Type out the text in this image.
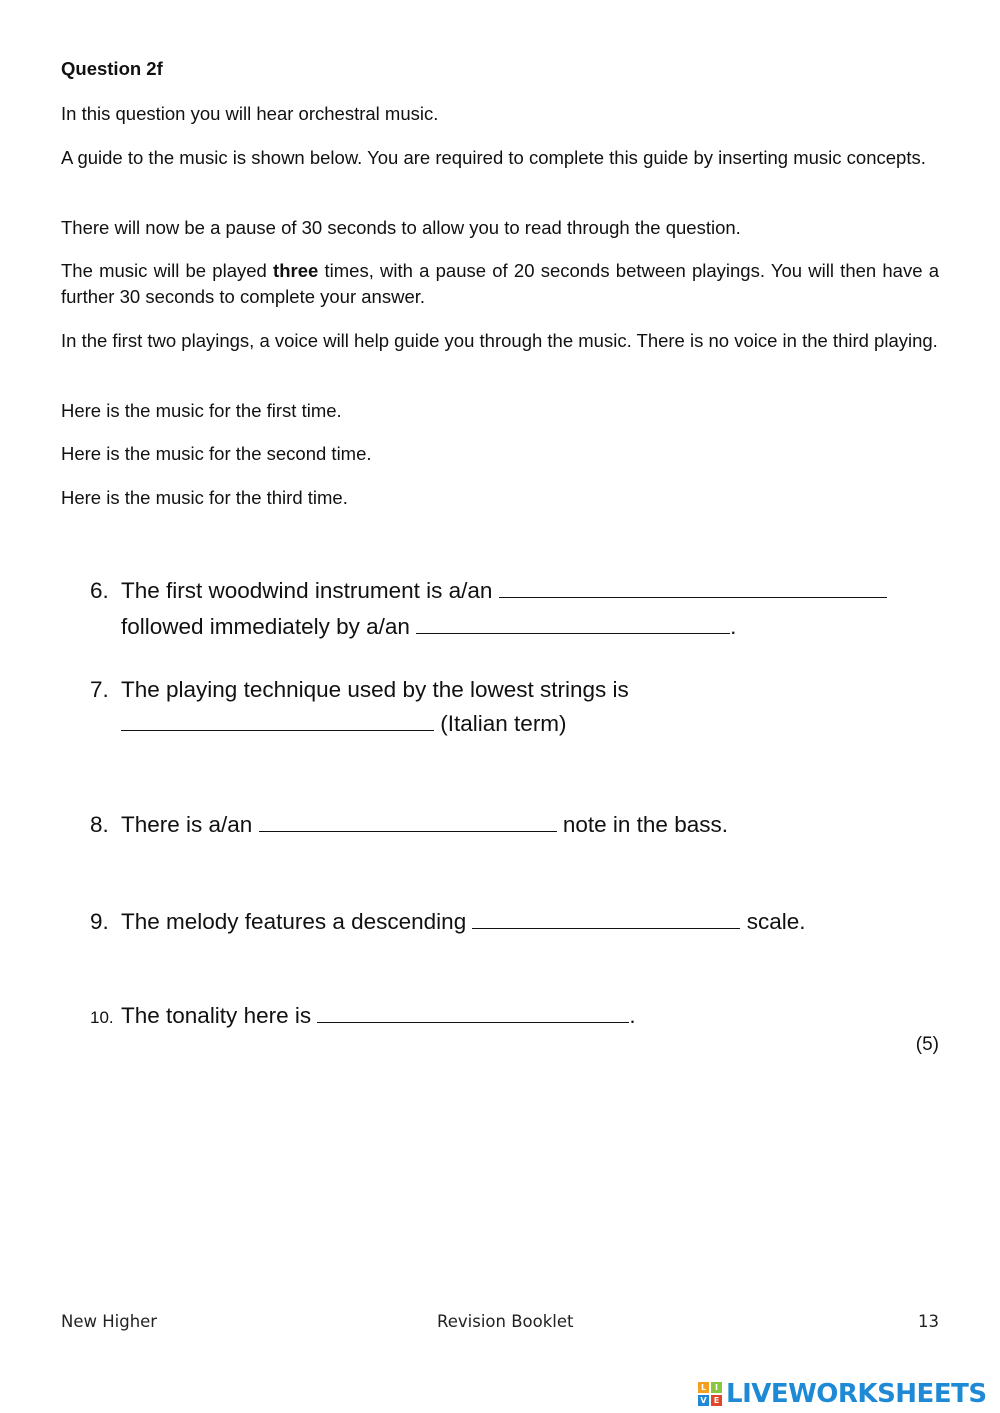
Question 2f
In this question you will hear orchestral music.
A guide to the music is shown below. You are required to complete this guide by inserting music concepts.
There will now be a pause of 30 seconds to allow you to read through the question.
The music will be played three times, with a pause of 20 seconds between playings. You will then have a further 30 seconds to complete your answer.
In the first two playings, a voice will help guide you through the music. There is no voice in the third playing.
Here is the music for the first time.
Here is the music for the second time.
Here is the music for the third time.
6. The first woodwind instrument is a/an
followed immediately by a/an	.
7. The playing technique used by the lowest strings is
(Italian term)
8. There is a/an	note in the bass.
9. The melody features a descending	scale.
10. The tonality here is	.
(5)
New Higher	Revision Booklet	13
L	I
V E LIVEWORKSHEETS
